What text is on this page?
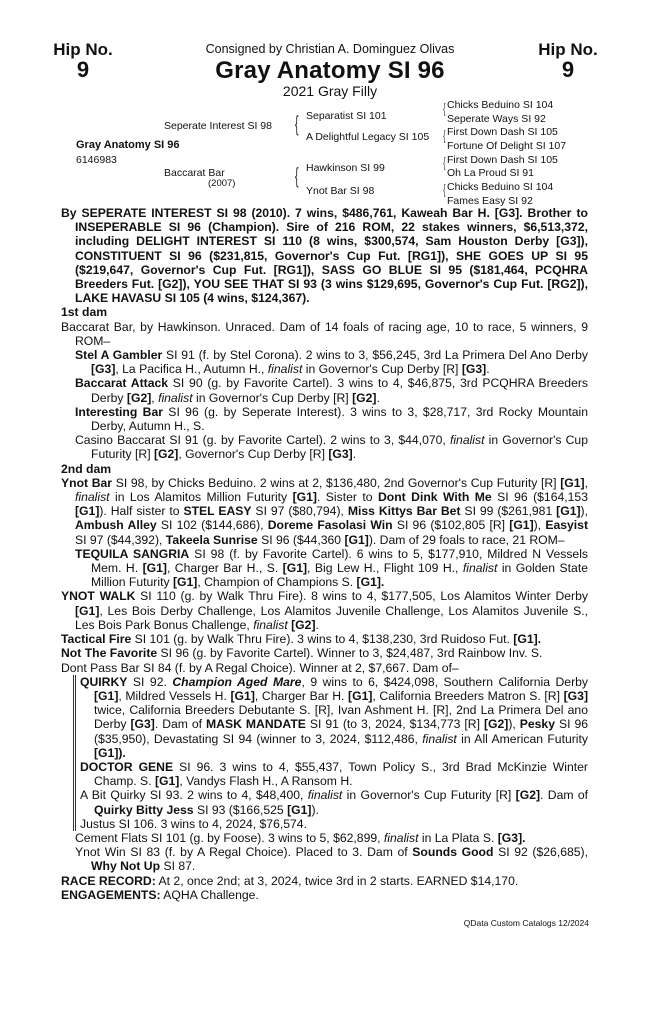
Hip No.
9
Hip No.
9
Consigned by Christian A. Dominguez Olivas
Gray Anatomy SI 96
2021 Gray Filly
Gray Anatomy SI 96
6146983
Seperate Interest SI 98
Baccarat Bar
(2007)
{
{
Separatist SI 101
A Delightful Legacy SI 105
Hawkinson SI 99
Ynot Bar SI 98
{
{
{
{
Chicks Beduino SI 104
Seperate Ways SI 92
First Down Dash SI 105
Fortune Of Delight SI 107
First Down Dash SI 105
Oh La Proud SI 91
Chicks Beduino SI 104
Fames Easy SI 92

By SEPERATE INTEREST SI 98 (2010). 7 wins, $486,761, Kaweah Bar H. [G3]. Brother to INSEPERABLE SI 96 (Champion). Sire of 216 ROM, 22 stakes winners, $6,513,372, including DELIGHT INTEREST SI 110 (8 wins, $300,574, Sam Houston Derby [G3]), CONSTITUENT SI 96 ($231,815, Governor's Cup Fut. [RG1]), SHE GOES UP SI 95 ($219,647, Governor's Cup Fut. [RG1]), SASS GO BLUE SI 95 ($181,464, PCQHRA Breeders Fut. [G2]), YOU SEE THAT SI 93 (3 wins $129,695, Governor's Cup Fut. [RG2]), LAKE HAVASU SI 105 (4 wins, $124,367).

1st dam

Baccarat Bar, by Hawkinson. Unraced. Dam of 14 foals of racing age, 10 to race, 5 winners, 9 ROM–

Stel A Gambler SI 91 (f. by Stel Corona). 2 wins to 3, $56,245, 3rd La Primera Del Ano Derby [G3], La Pacifica H., Autumn H., finalist in Governor's Cup Derby [R] [G3].

Baccarat Attack SI 90 (g. by Favorite Cartel). 3 wins to 4, $46,875, 3rd PCQHRA Breeders Derby [G2], finalist in Governor's Cup Derby [R] [G2].

Interesting Bar SI 96 (g. by Seperate Interest). 3 wins to 3, $28,717, 3rd Rocky Mountain Derby, Autumn H., S.

Casino Baccarat SI 91 (g. by Favorite Cartel). 2 wins to 3, $44,070, finalist in Governor's Cup Futurity [R] [G2], Governor's Cup Derby [R] [G3].

2nd dam

Ynot Bar SI 98, by Chicks Beduino. 2 wins at 2, $136,480, 2nd Governor's Cup Futurity [R] [G1], finalist in Los Alamitos Million Futurity [G1]. Sister to Dont Dink With Me SI 96 ($164,153 [G1]). Half sister to STEL EASY SI 97 ($80,794), Miss Kittys Bar Bet SI 99 ($261,981 [G1]), Ambush Alley SI 102 ($144,686), Doreme Fasolasi Win SI 96 ($102,805 [R] [G1]), Easyist SI 97 ($44,392), Takeela Sunrise SI 96 ($44,360 [G1]). Dam of 29 foals to race, 21 ROM–

TEQUILA SANGRIA SI 98 (f. by Favorite Cartel). 6 wins to 5, $177,910, Mildred N Vessels Mem. H. [G1], Charger Bar H., S. [G1], Big Lew H., Flight 109 H., finalist in Golden State Million Futurity [G1], Champion of Champions S. [G1].

YNOT WALK SI 110 (g. by Walk Thru Fire). 8 wins to 4, $177,505, Los Alamitos Winter Derby [G1], Les Bois Derby Challenge, Los Alamitos Juvenile Challenge, Los Alamitos Juvenile S., Les Bois Park Bonus Challenge, finalist [G2].

Tactical Fire SI 101 (g. by Walk Thru Fire). 3 wins to 4, $138,230, 3rd Ruidoso Fut. [G1].

Not The Favorite SI 96 (g. by Favorite Cartel). Winner to 3, $24,487, 3rd Rainbow Inv. S.

Dont Pass Bar SI 84 (f. by A Regal Choice). Winner at 2, $7,667. Dam of–

QUIRKY SI 92. Champion Aged Mare, 9 wins to 6, $424,098, Southern California Derby [G1], Mildred Vessels H. [G1], Charger Bar H. [G1], California Breeders Matron S. [R] [G3] twice, California Breeders Debutante S. [R], Ivan Ashment H. [R], 2nd La Primera Del ano Derby [G3]. Dam of MASK MANDATE SI 91 (to 3, 2024, $134,773 [R] [G2]), Pesky SI 96 ($35,950), Devastating SI 94 (winner to 3, 2024, $112,486, finalist in All American Futurity [G1]).

DOCTOR GENE SI 96. 3 wins to 4, $55,437, Town Policy S., 3rd Brad McKinzie Winter Champ. S. [G1], Vandys Flash H., A Ransom H.

A Bit Quirky SI 93. 2 wins to 4, $48,400, finalist in Governor's Cup Futurity [R] [G2]. Dam of Quirky Bitty Jess SI 93 ($166,525 [G1]).

Justus SI 106. 3 wins to 4, 2024, $76,574.

Cement Flats SI 101 (g. by Foose). 3 wins to 5, $62,899, finalist in La Plata S. [G3].

Ynot Win SI 83 (f. by A Regal Choice). Placed to 3. Dam of Sounds Good SI 92 ($26,685), Why Not Up SI 87.

RACE RECORD: At 2, once 2nd; at 3, 2024, twice 3rd in 2 starts. EARNED $14,170.

ENGAGEMENTS: AQHA Challenge.

QData Custom Catalogs 12/2024
